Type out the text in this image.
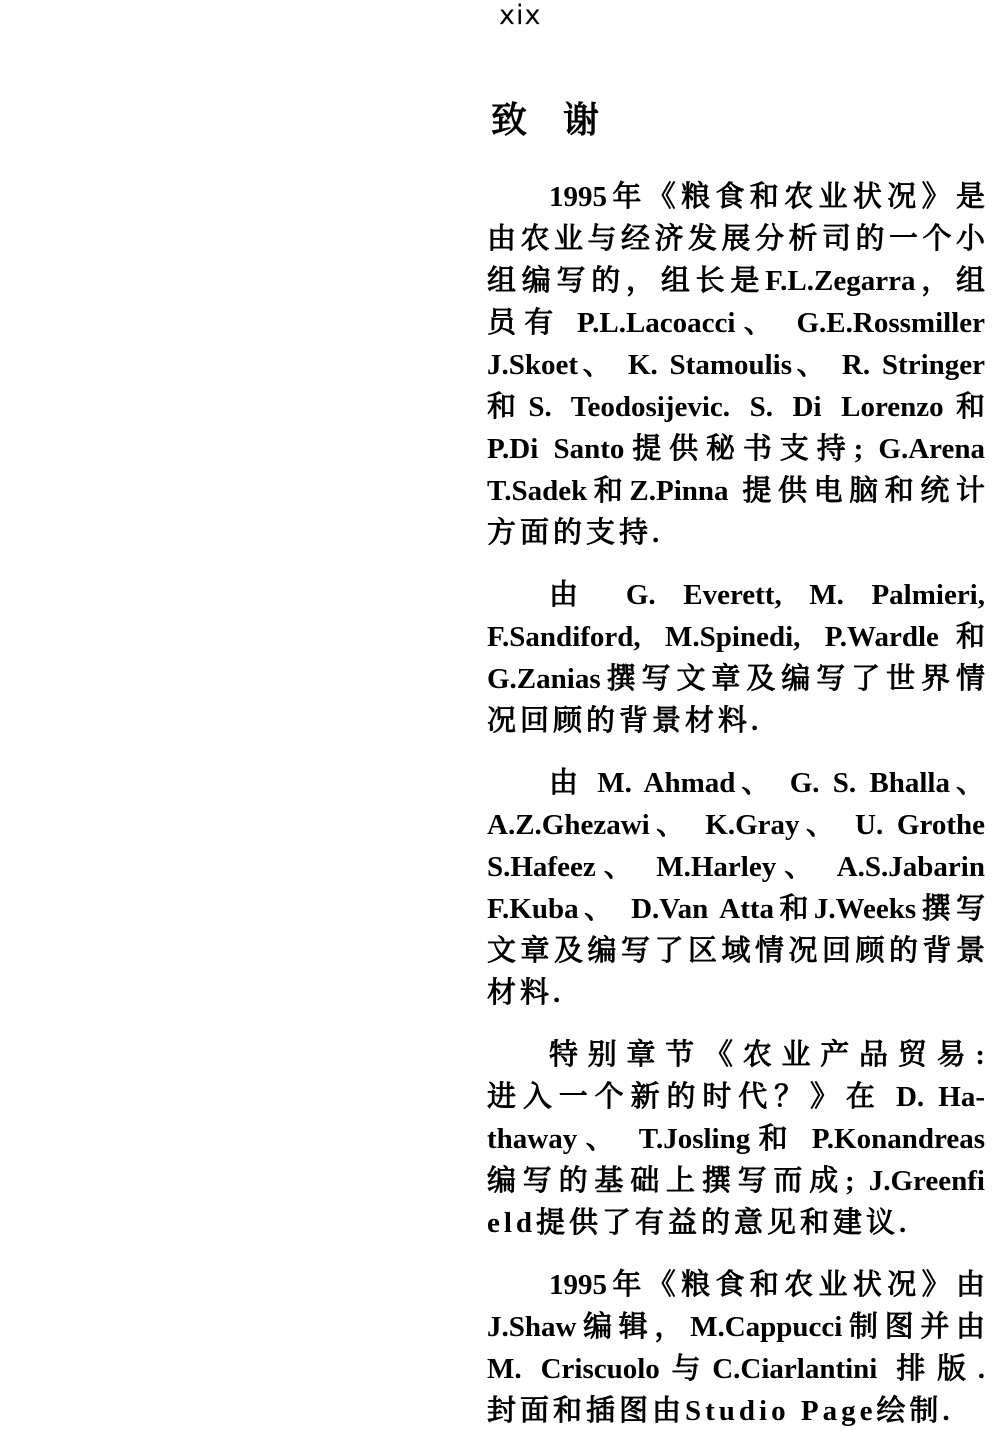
xix
致　谢
1995年《粮食和农业状况》是
由农业与经济发展分析司的一个小
组编写的，组长是F.L.Zegarra，组
员有 P.L.Lacoacci、 G.E.Rossmiller
J.Skoet、 K. Stamoulis、 R. Stringer
和S. Teodosijevic. S. Di Lorenzo和
P.Di Santo提供秘书支持; G.Arena
T.Sadek和Z.Pinna 提供电脑和统计
方面的支持.
由 G. Everett, M. Palmieri,
F.Sandiford, M.Spinedi, P.Wardle和
G.Zanias撰写文章及编写了世界情
况回顾的背景材料.
由 M. Ahmad、 G. S. Bhalla、
A.Z.Ghezawi、 K.Gray、 U. Grothe
S.Hafeez、 M.Harley、 A.S.Jabarin
F.Kuba、 D.Van Atta和J.Weeks撰写
文章及编写了区域情况回顾的背景
材料.
特别章节《农业产品贸易:
进入一个新的时代？》在 D. Ha-
thaway、 T.Josling和 P.Konandreas
编写的基础上撰写而成; J.Greenfi
eld提供了有益的意见和建议.
1995年《粮食和农业状况》由
J.Shaw编辑，M.Cappucci制图并由
M. Criscuolo与C.Ciarlantini 排版.
封面和插图由Studio Page绘制.
